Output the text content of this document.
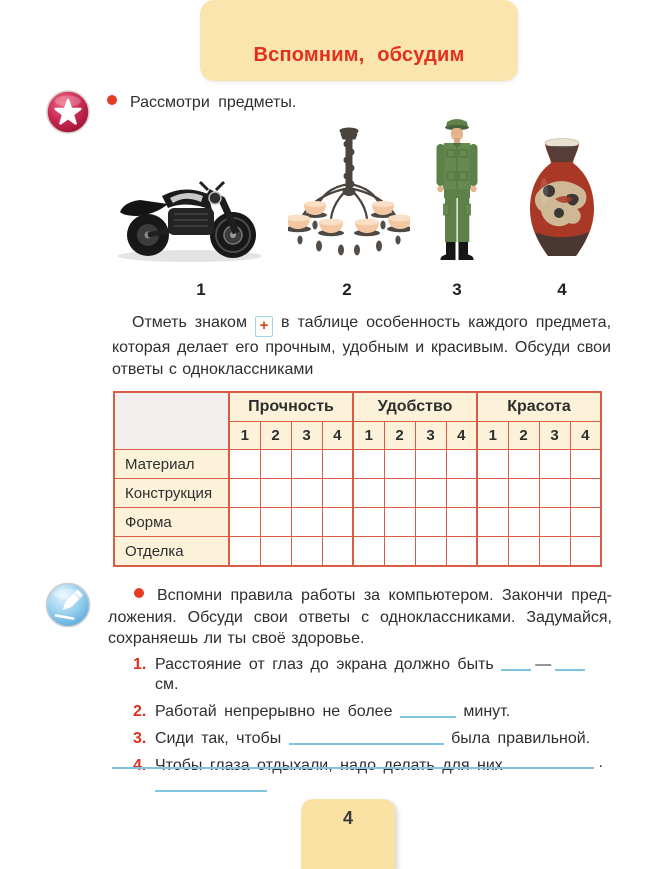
Вспомним, обсудим
Рассмотри предметы.
1	2	3	4
Отметь знаком + в таблице особенность каждого предмета, которая делает его прочным, удобным и красивым. Обсуди свои ответы с одноклассниками
	Прочность				Удобство				Красота			
	1	2	3	4	1	2	3	4	1	2	3	4
Материал												
Конструкция												
Форма												
Отделка												
Вспомни правила работы за компьютером. Закончи предложения. Обсуди свои ответы с одноклассниками. Задумайся, сохраняешь ли ты своё здоровье.
1. Расстояние от глаз до экрана должно быть	— см.
2. Работай непрерывно не более	минут.
3. Сиди так, чтобы	была правильной.
4. Чтобы глаза отдыхали, надо делать для них	.
4
